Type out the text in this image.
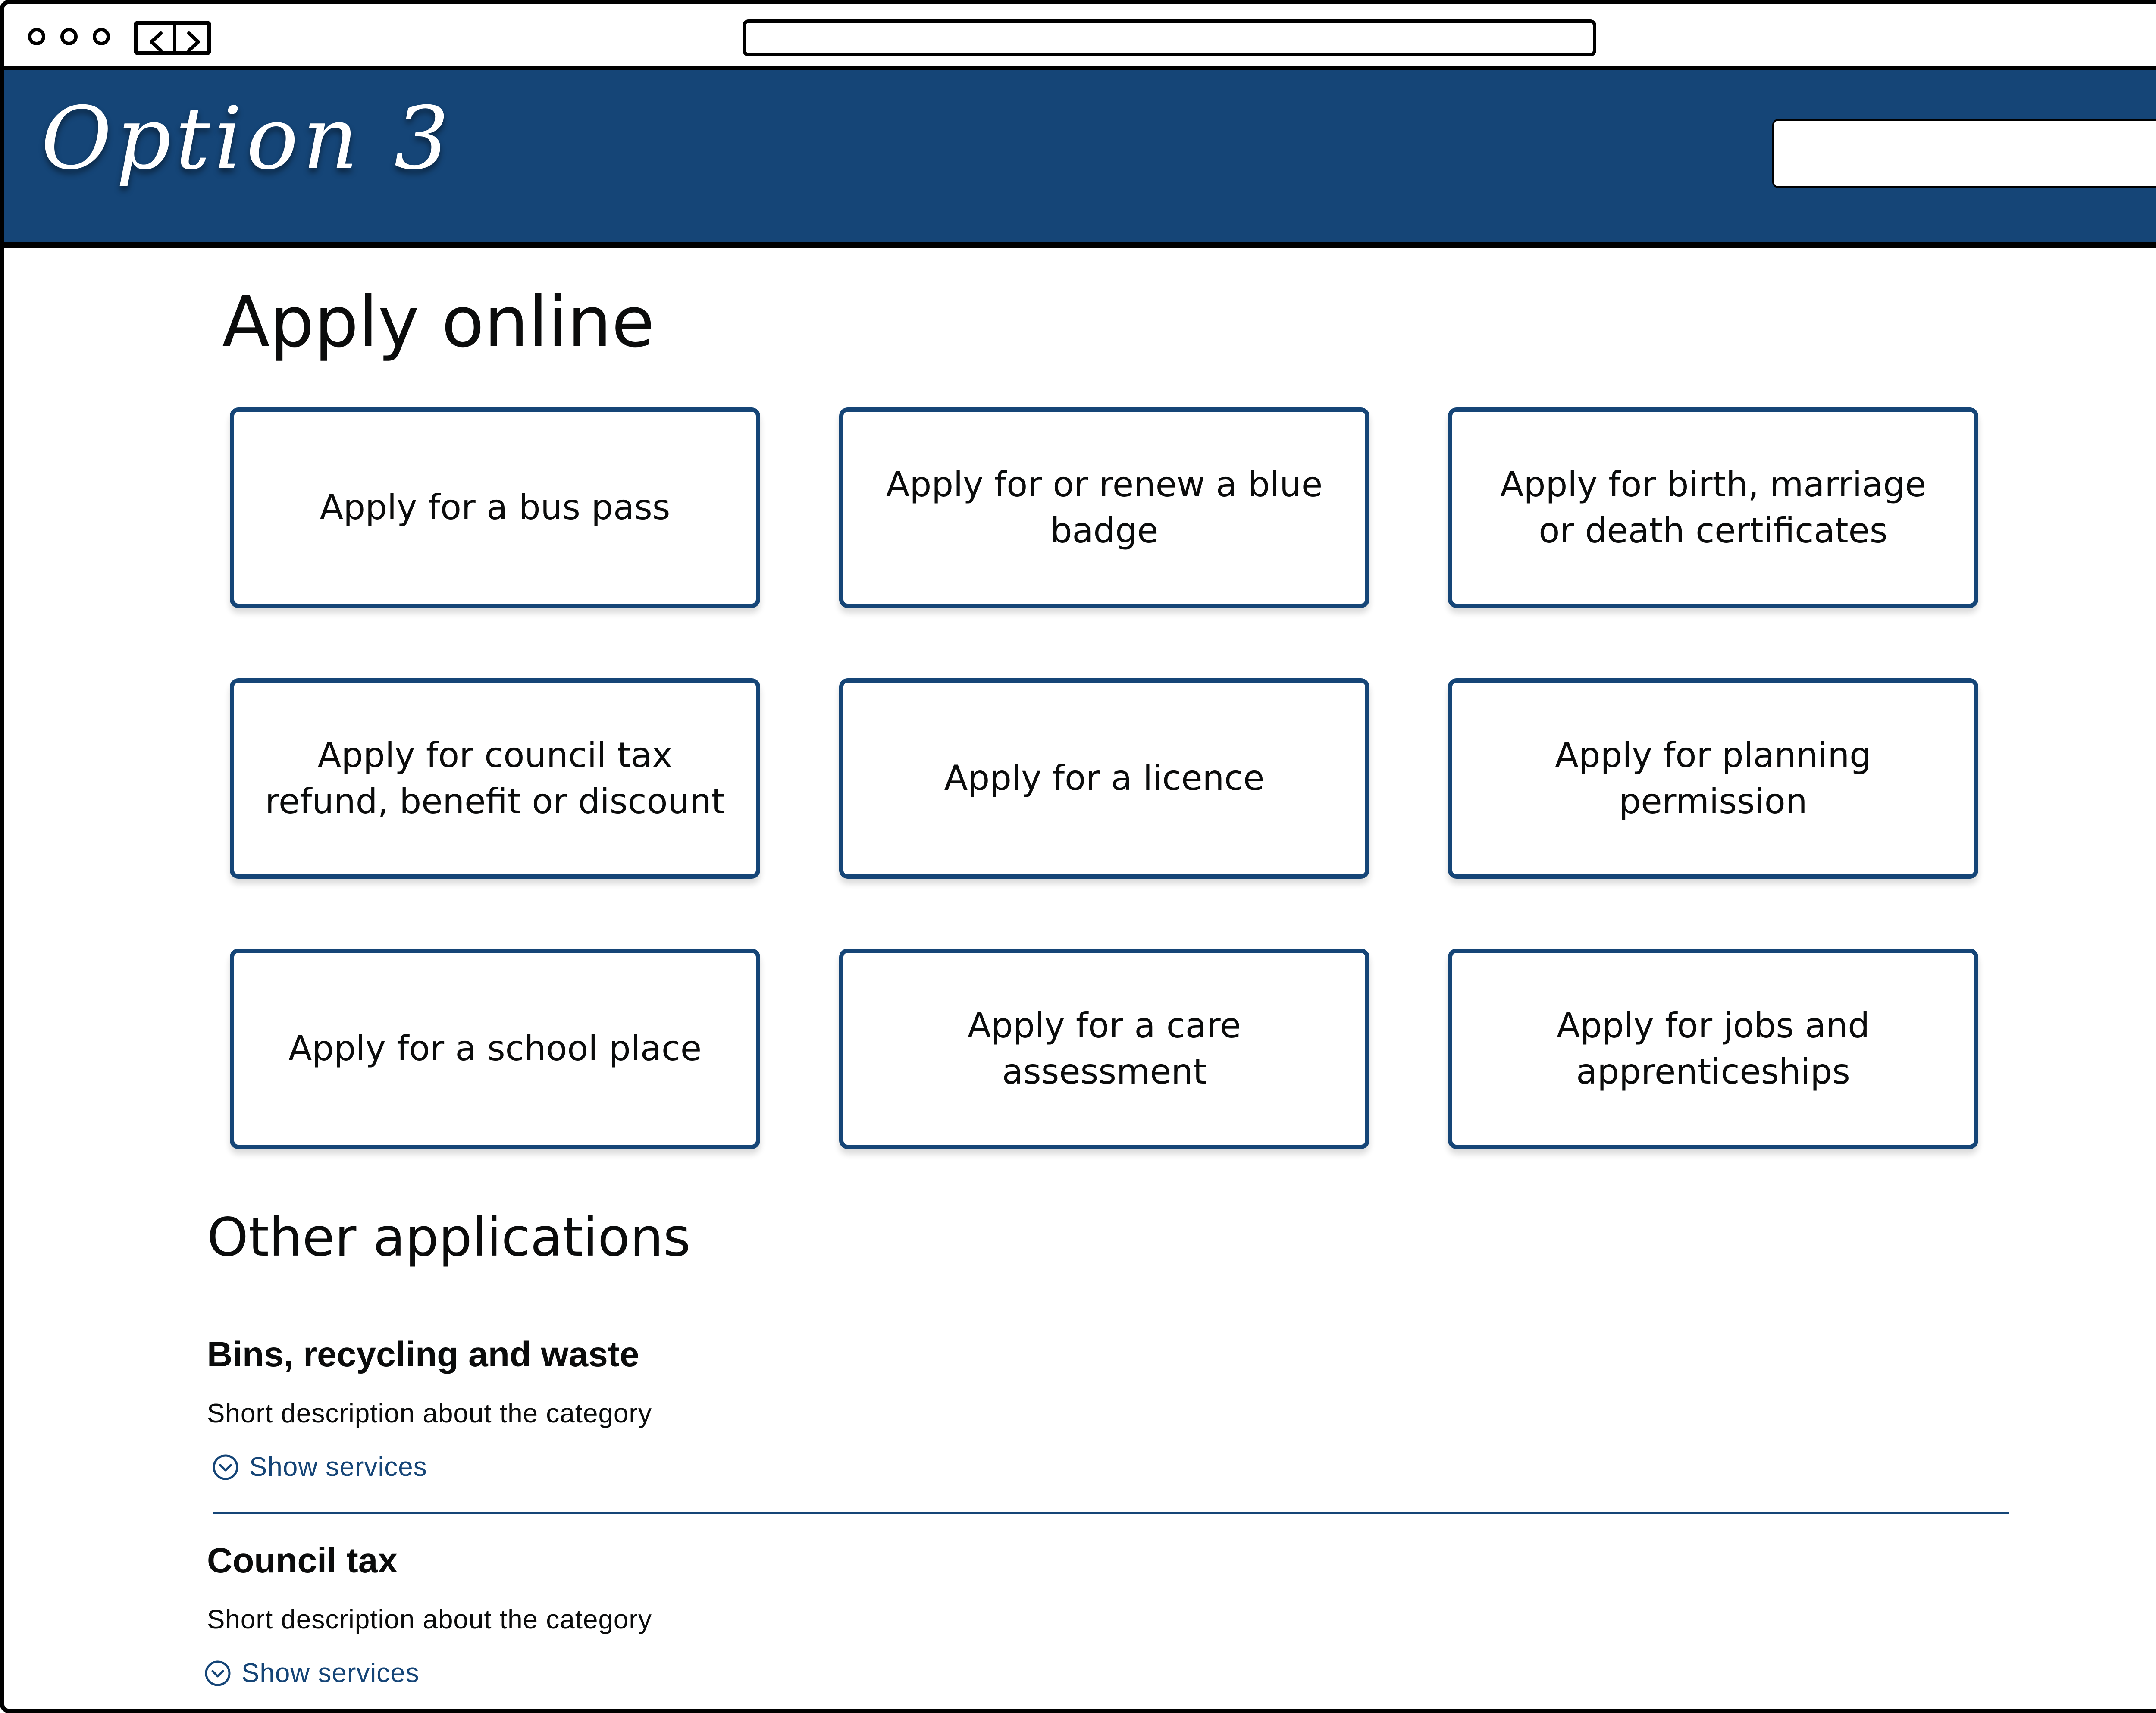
Option 3
Apply online
Apply for a bus pass
Apply for or renew a blue badge
Apply for birth, marriage or death certificates
Apply for council tax refund, benefit or discount
Apply for a licence
Apply for planning permission
Apply for a school place
Apply for a care assessment
Apply for jobs and apprenticeships
Other applications
Bins, recycling and waste

Short description about the category

Show services
Council tax

Short description about the category

Show services
